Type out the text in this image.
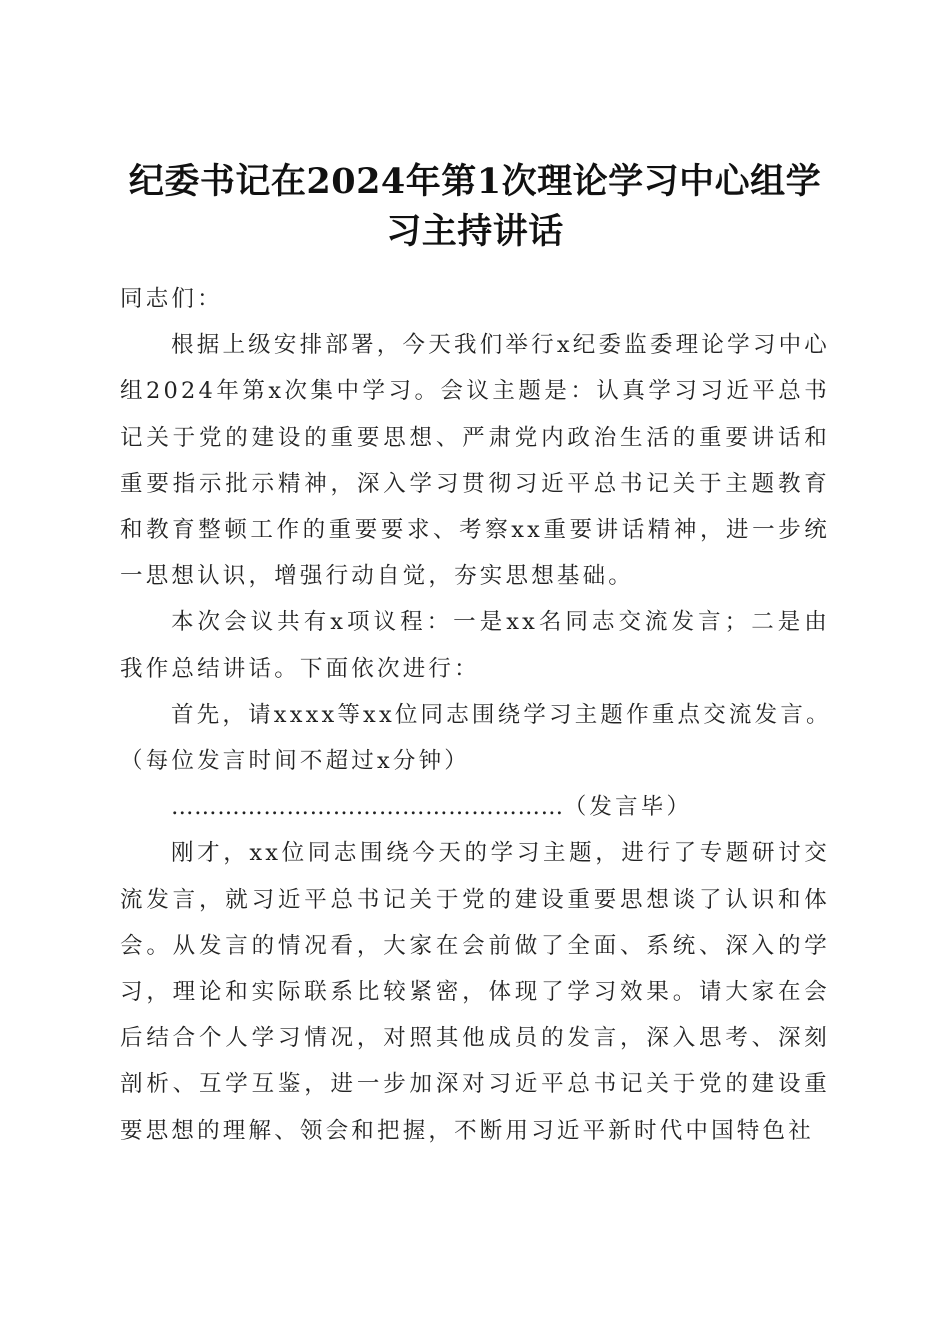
纪委书记在2024年第1次理论学习中心组学
习主持讲话

同志们：

根据上级安排部署，今天我们举行x纪委监委理论学习中心组2024年第x次集中学习。会议主题是：认真学习习近平总书记关于党的建设的重要思想、严肃党内政治生活的重要讲话和重要指示批示精神，深入学习贯彻习近平总书记关于主题教育和教育整顿工作的重要要求、考察xx重要讲话精神，进一步统一思想认识，增强行动自觉，夯实思想基础。

本次会议共有x项议程：一是xx名同志交流发言；二是由我作总结讲话。下面依次进行：

首先，请xxxx等xx位同志围绕学习主题作重点交流发言。

（每位发言时间不超过x分钟）

……………………………………………（发言毕）

刚才，xx位同志围绕今天的学习主题，进行了专题研讨交流发言，就习近平总书记关于党的建设重要思想谈了认识和体会。从发言的情况看，大家在会前做了全面、系统、深入的学习，理论和实际联系比较紧密，体现了学习效果。请大家在会后结合个人学习情况，对照其他成员的发言，深入思考、深刻剖析、互学互鉴，进一步加深对习近平总书记关于党的建设重要思想的理解、领会和把握，不断用习近平新时代中国特色社
